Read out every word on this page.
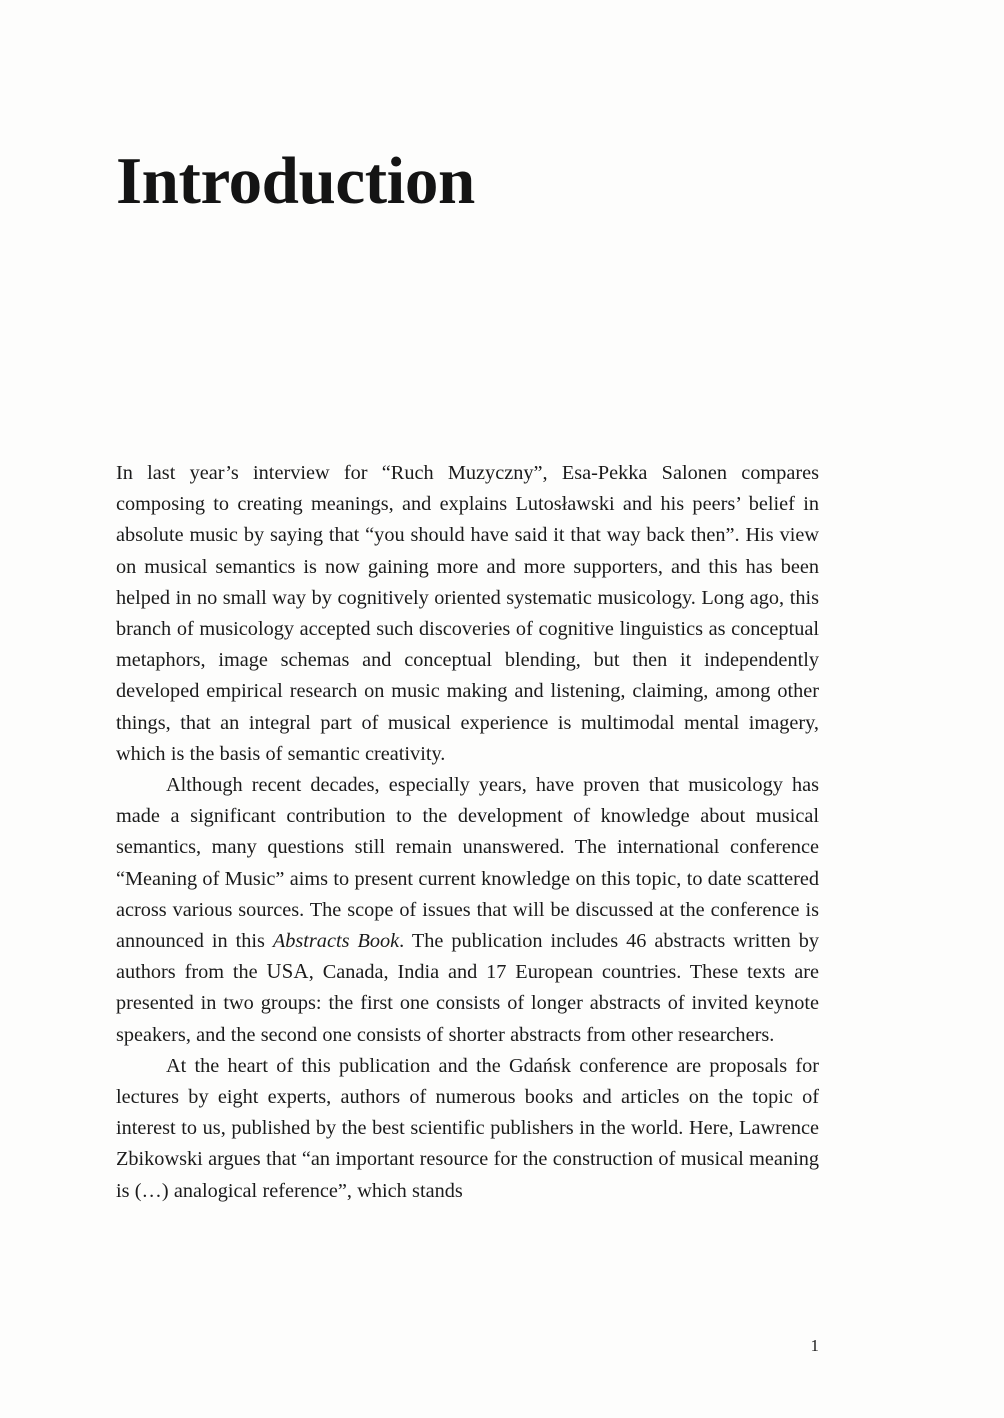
Introduction

In last year’s interview for “Ruch Muzyczny”, Esa-Pekka Salonen compares composing to creating meanings, and explains Lutosławski and his peers’ belief in absolute music by saying that “you should have said it that way back then”. His view on musical semantics is now gaining more and more supporters, and this has been helped in no small way by cognitively oriented systematic musicology. Long ago, this branch of musicology accepted such discoveries of cognitive linguistics as conceptual metaphors, image schemas and conceptual blending, but then it independently developed empirical research on music making and listening, claiming, among other things, that an integral part of musical experience is multimodal mental imagery, which is the basis of semantic creativity.

Although recent decades, especially years, have proven that musicology has made a significant contribution to the development of knowledge about musical semantics, many questions still remain unanswered. The international conference “Meaning of Music” aims to present current knowledge on this topic, to date scattered across various sources. The scope of issues that will be discussed at the conference is announced in this Abstracts Book. The publication includes 46 abstracts written by authors from the USA, Canada, India and 17 European countries. These texts are presented in two groups: the first one consists of longer abstracts of invited keynote speakers, and the second one consists of shorter abstracts from other researchers.

At the heart of this publication and the Gdańsk conference are proposals for lectures by eight experts, authors of numerous books and articles on the topic of interest to us, published by the best scientific publishers in the world. Here, Lawrence Zbikowski argues that “an important resource for the construction of musical meaning is (…) analogical reference”, which stands

1
